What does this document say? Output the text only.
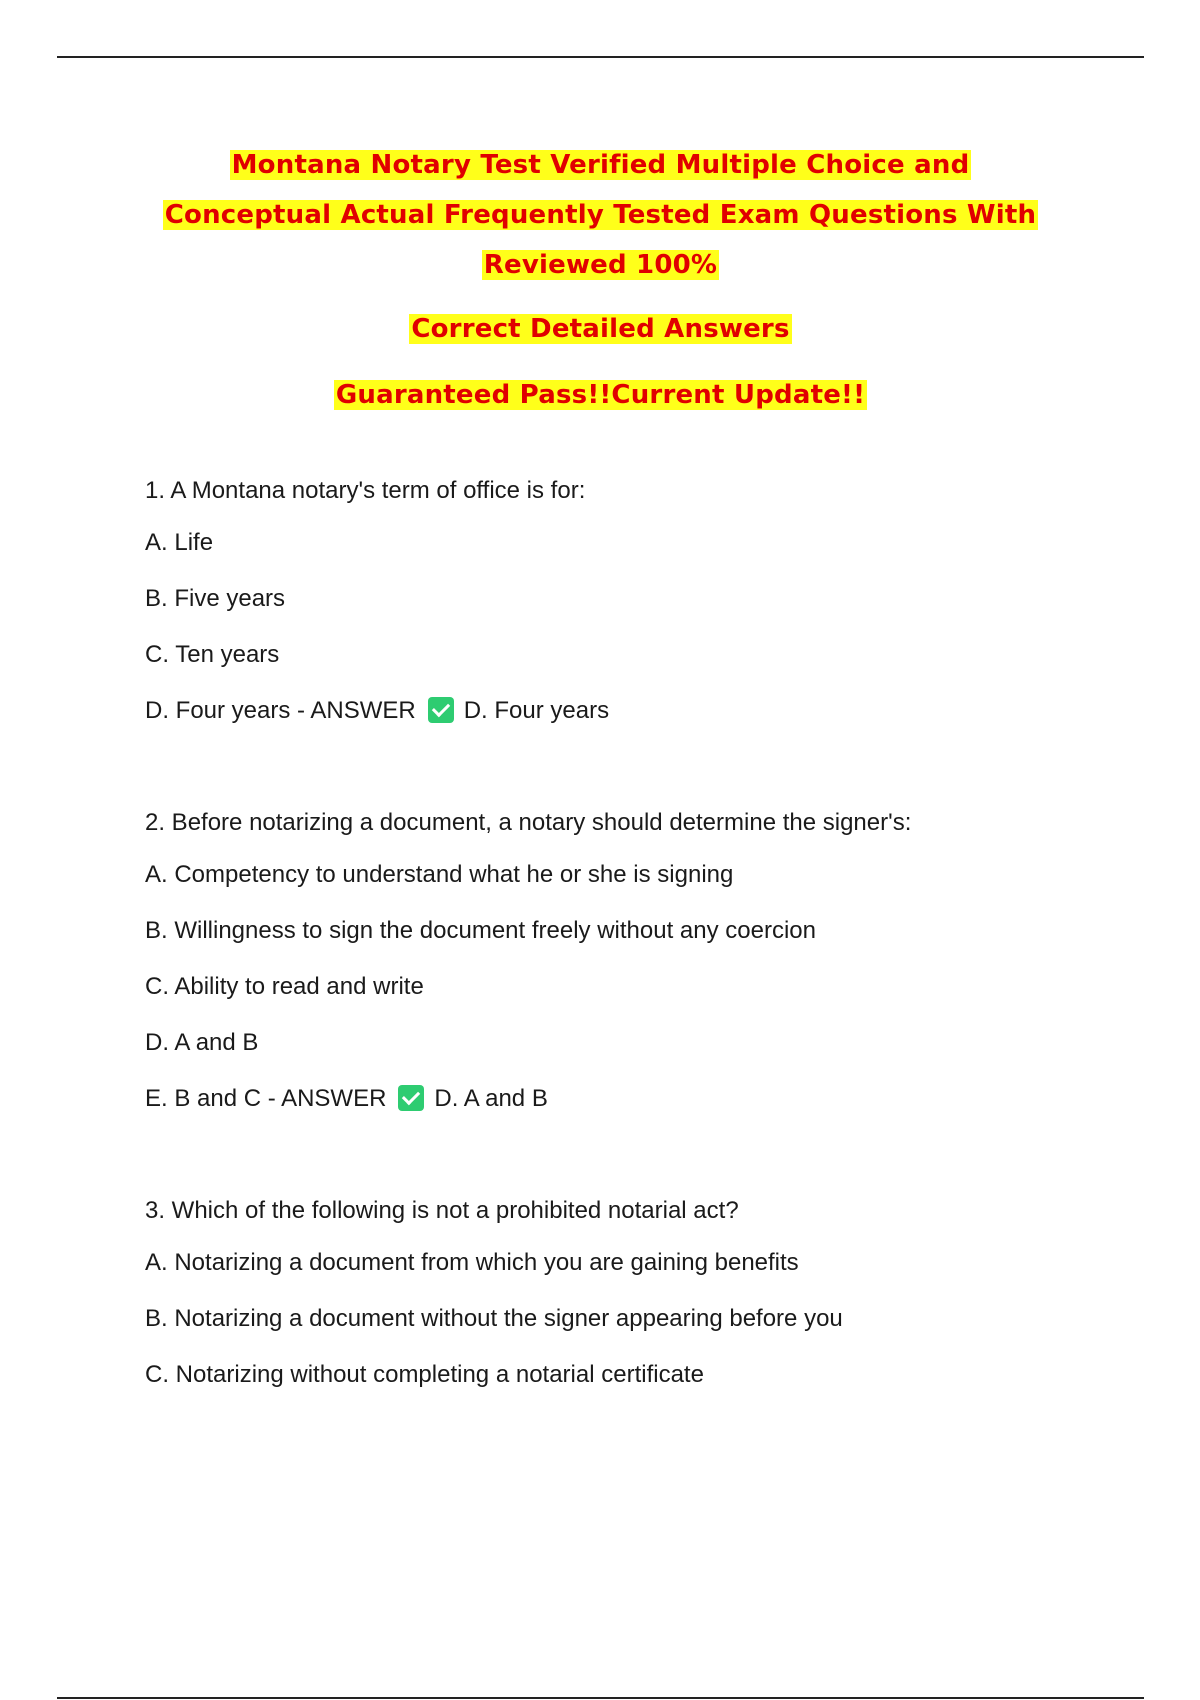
Montana Notary Test Verified Multiple Choice and

Conceptual Actual Frequently Tested Exam Questions With

Reviewed 100%

Correct Detailed Answers

Guaranteed Pass!!Current Update!!

1. A Montana notary's term of office is for:
A. Life
B. Five years
C. Ten years
D. Four years - ANSWER D. Four years
2. Before notarizing a document, a notary should determine the signer's:
A. Competency to understand what he or she is signing
B. Willingness to sign the document freely without any coercion
C. Ability to read and write
D. A and B
E. B and C - ANSWER D. A and B
3. Which of the following is not a prohibited notarial act?
A. Notarizing a document from which you are gaining benefits
B. Notarizing a document without the signer appearing before you
C. Notarizing without completing a notarial certificate
